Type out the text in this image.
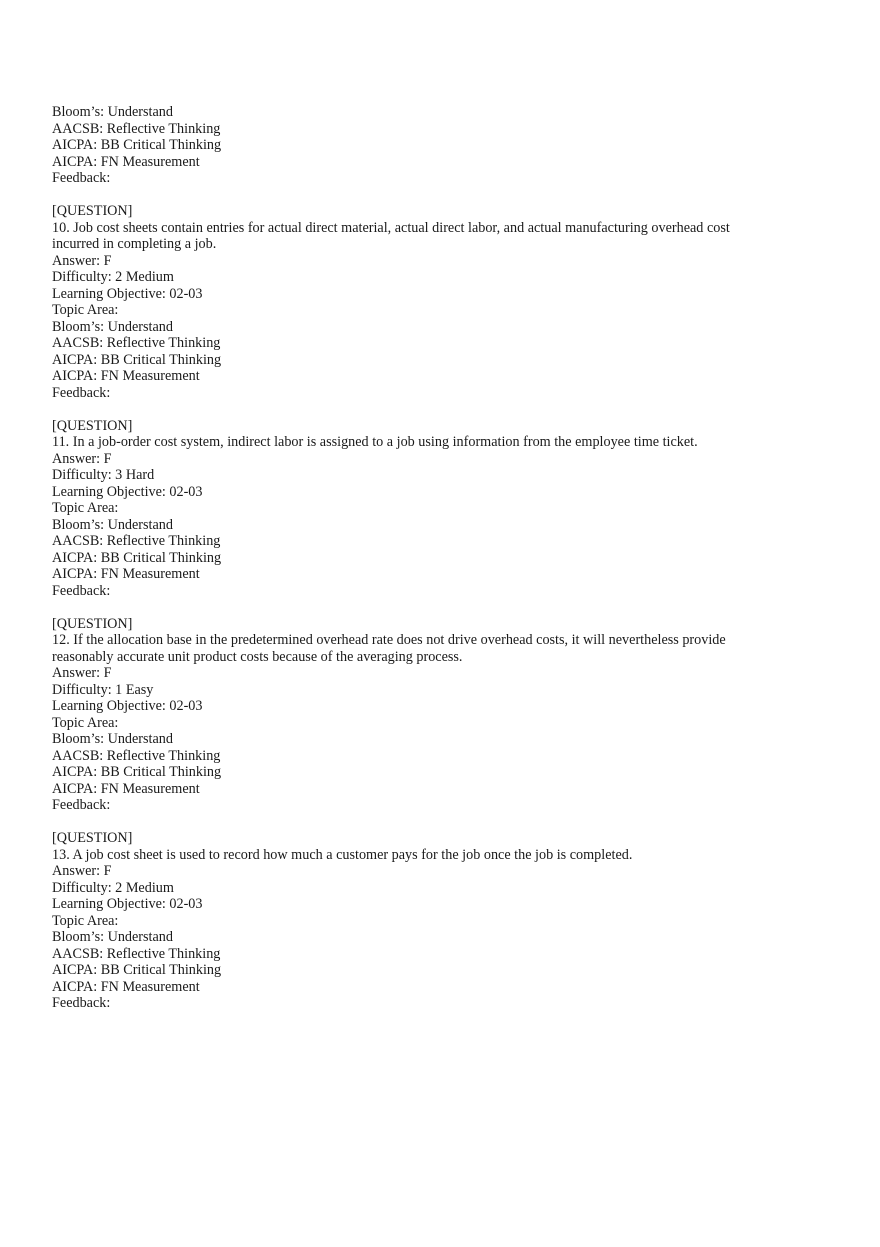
Bloom’s: Understand
AACSB: Reflective Thinking
AICPA: BB Critical Thinking
AICPA: FN Measurement
Feedback:
[QUESTION]
10. Job cost sheets contain entries for actual direct material, actual direct labor, and actual manufacturing overhead cost incurred in completing a job.
Answer: F
Difficulty: 2 Medium
Learning Objective: 02-03
Topic Area:
Bloom’s: Understand
AACSB: Reflective Thinking
AICPA: BB Critical Thinking
AICPA: FN Measurement
Feedback:
[QUESTION]
11. In a job-order cost system, indirect labor is assigned to a job using information from the employee time ticket.
Answer: F
Difficulty: 3 Hard
Learning Objective: 02-03
Topic Area:
Bloom’s: Understand
AACSB: Reflective Thinking
AICPA: BB Critical Thinking
AICPA: FN Measurement
Feedback:
[QUESTION]
12. If the allocation base in the predetermined overhead rate does not drive overhead costs, it will nevertheless provide reasonably accurate unit product costs because of the averaging process.
Answer: F
Difficulty: 1 Easy
Learning Objective: 02-03
Topic Area:
Bloom’s: Understand
AACSB: Reflective Thinking
AICPA: BB Critical Thinking
AICPA: FN Measurement
Feedback:
[QUESTION]
13. A job cost sheet is used to record how much a customer pays for the job once the job is completed.
Answer: F
Difficulty: 2 Medium
Learning Objective: 02-03
Topic Area:
Bloom’s: Understand
AACSB: Reflective Thinking
AICPA: BB Critical Thinking
AICPA: FN Measurement
Feedback:
